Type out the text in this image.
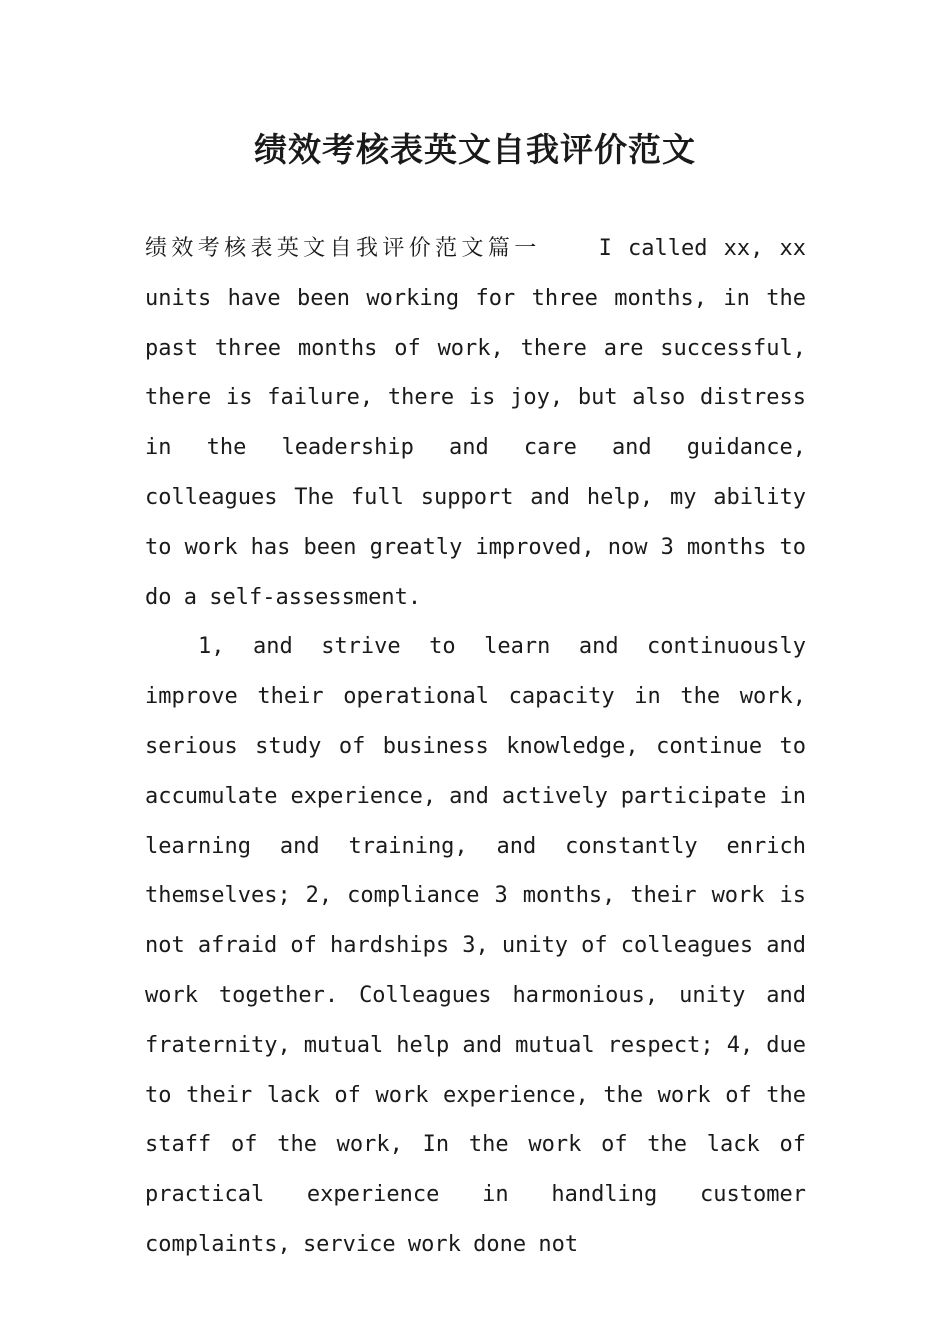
绩效考核表英文自我评价范文

绩效考核表英文自我评价范文篇一	I called xx, xx units have been working for three months, in the past three months of work, there are successful, there is failure, there is joy, but also distress in the leadership and care and guidance, colleagues The full support and help, my ability to work has been greatly improved, now 3 months to do a self-assessment.

1, and strive to learn and continuously improve their operational capacity in the work, serious study of business knowledge, continue to accumulate experience, and actively participate in learning and training, and constantly enrich themselves; 2, compliance 3 months, their work is not afraid of hardships 3, unity of colleagues and work together. Colleagues harmonious, unity and fraternity, mutual help and mutual respect; 4, due to their lack of work experience, the work of the staff of the work, In the work of the lack of practical experience in handling customer complaints, service work done not
